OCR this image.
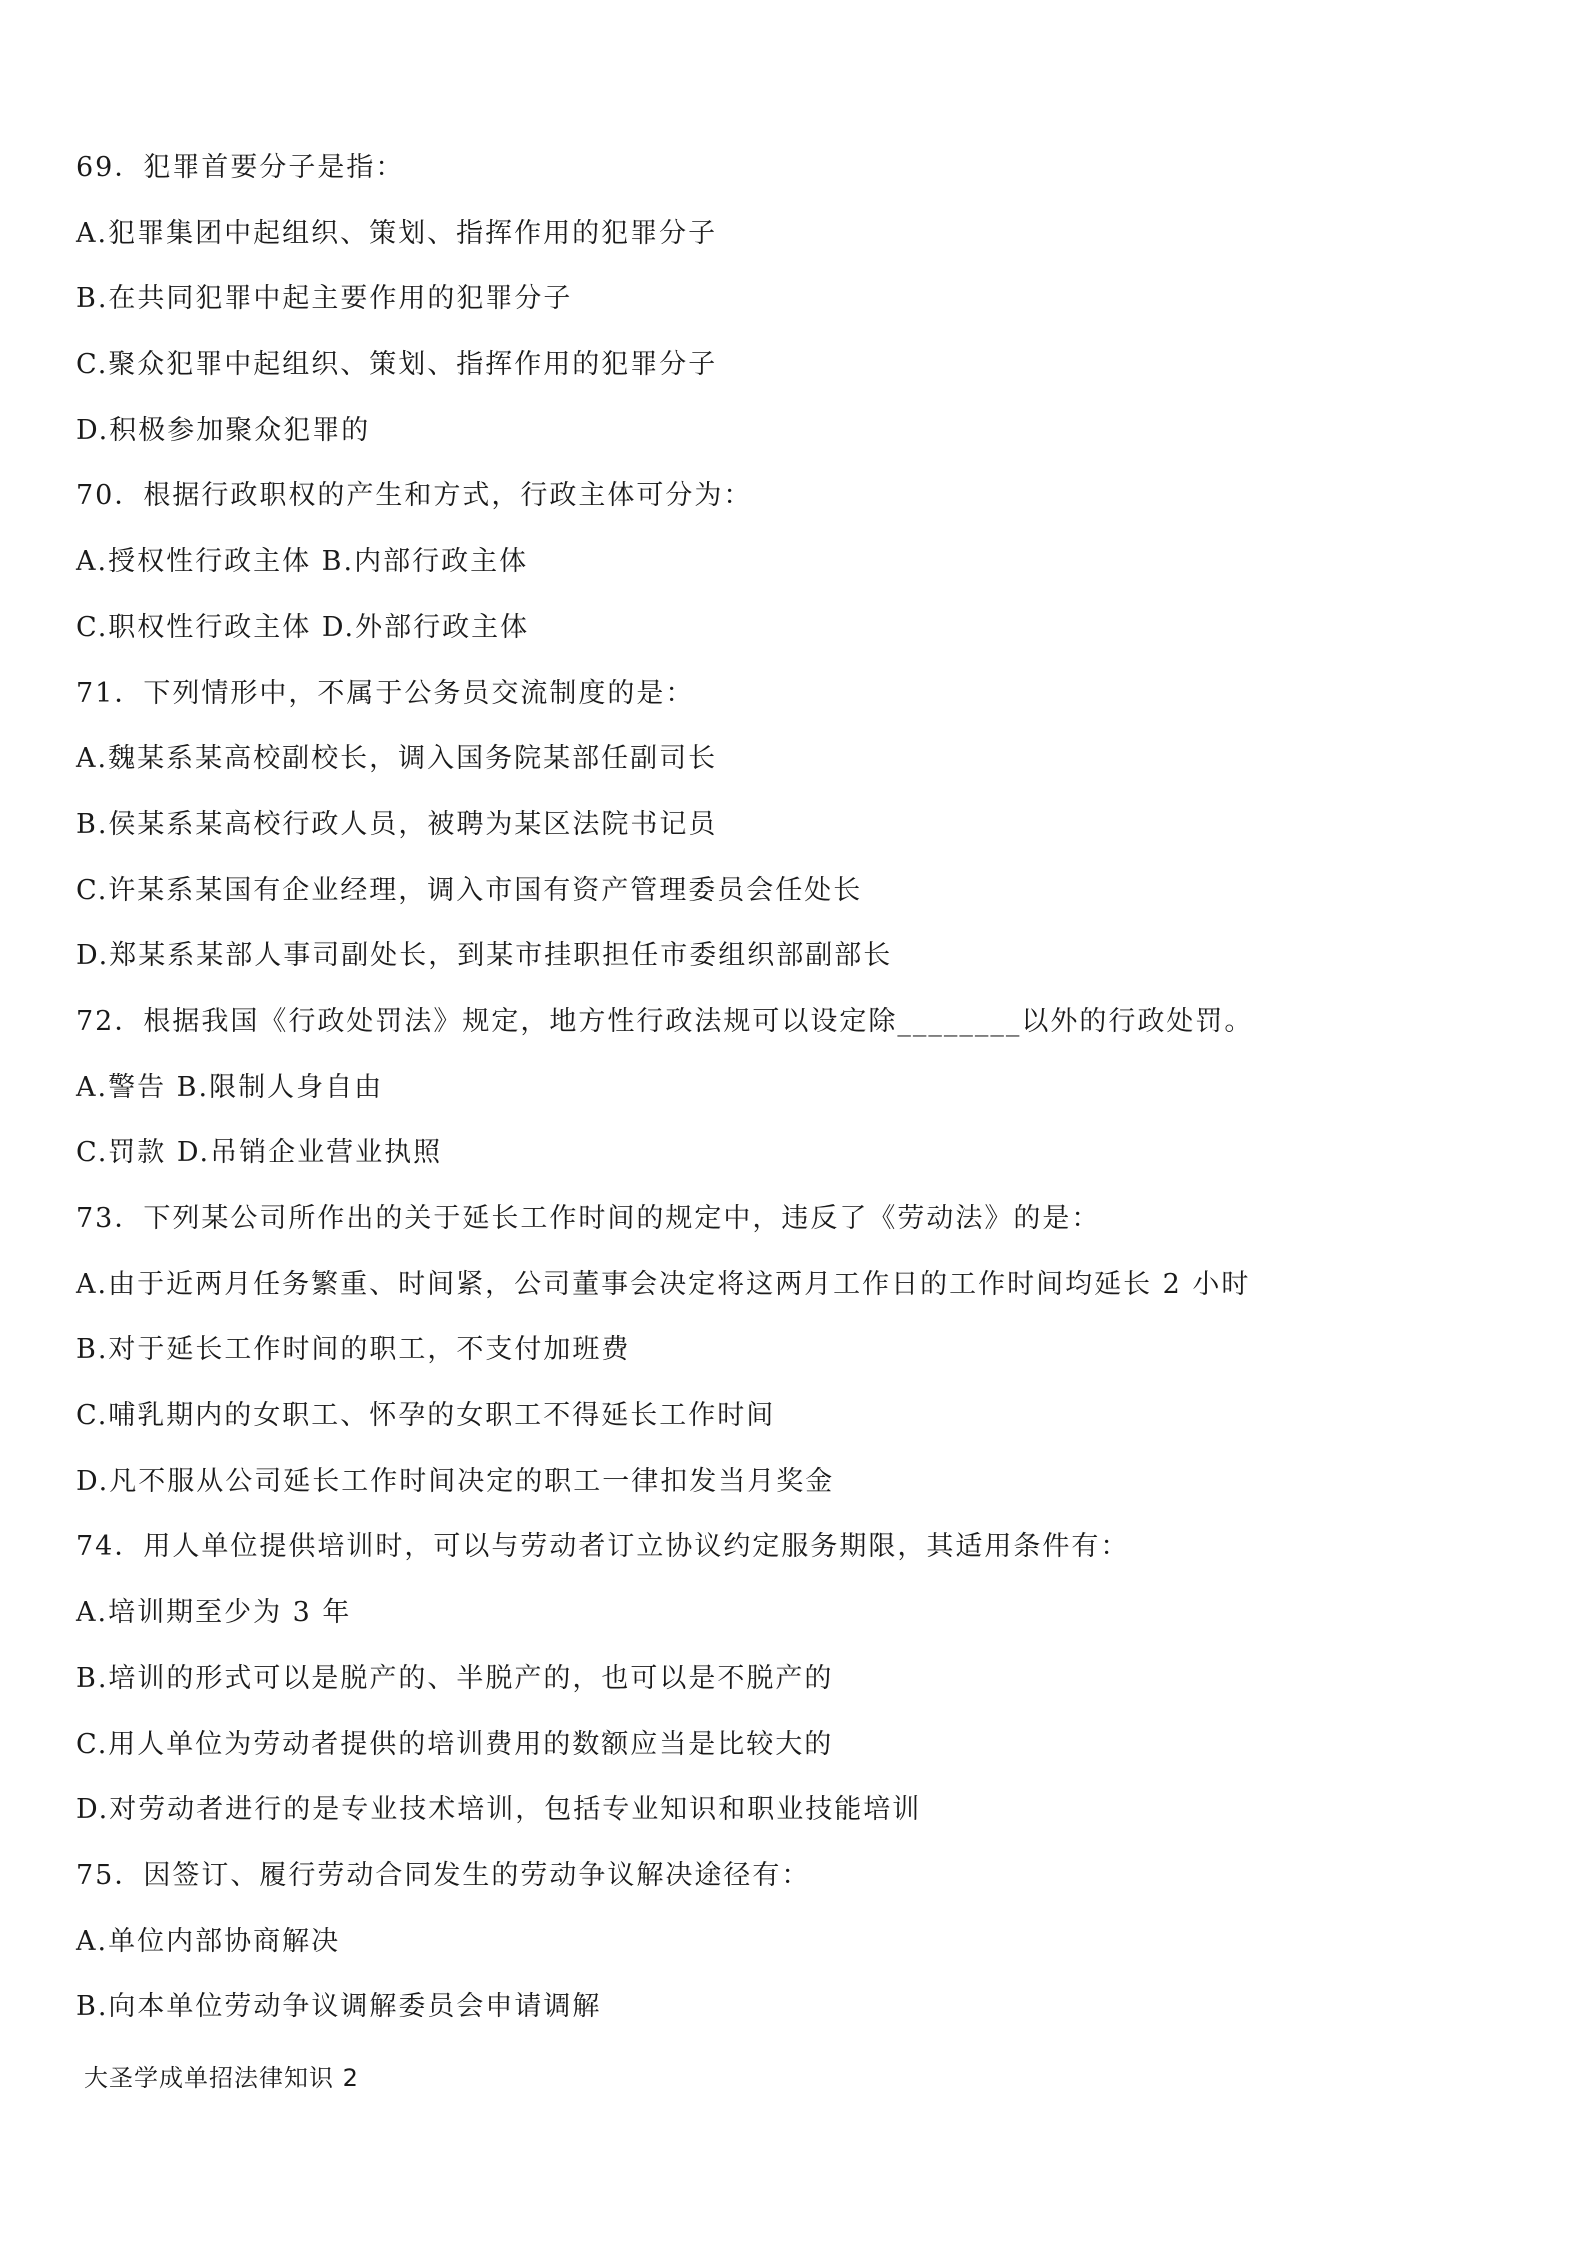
69．犯罪首要分子是指：
A.犯罪集团中起组织、策划、指挥作用的犯罪分子
B.在共同犯罪中起主要作用的犯罪分子
C.聚众犯罪中起组织、策划、指挥作用的犯罪分子
D.积极参加聚众犯罪的
70．根据行政职权的产生和方式，行政主体可分为：
A.授权性行政主体 B.内部行政主体
C.职权性行政主体 D.外部行政主体
71．下列情形中，不属于公务员交流制度的是：
A.魏某系某高校副校长，调入国务院某部任副司长
B.侯某系某高校行政人员，被聘为某区法院书记员
C.许某系某国有企业经理，调入市国有资产管理委员会任处长
D.郑某系某部人事司副处长，到某市挂职担任市委组织部副部长
72．根据我国《行政处罚法》规定，地方性行政法规可以设定除________以外的行政处罚。
A.警告 B.限制人身自由
C.罚款 D.吊销企业营业执照
73．下列某公司所作出的关于延长工作时间的规定中，违反了《劳动法》的是：
A.由于近两月任务繁重、时间紧，公司董事会决定将这两月工作日的工作时间均延长 2 小时
B.对于延长工作时间的职工，不支付加班费
C.哺乳期内的女职工、怀孕的女职工不得延长工作时间
D.凡不服从公司延长工作时间决定的职工一律扣发当月奖金
74．用人单位提供培训时，可以与劳动者订立协议约定服务期限，其适用条件有：
A.培训期至少为 3 年
B.培训的形式可以是脱产的、半脱产的，也可以是不脱产的
C.用人单位为劳动者提供的培训费用的数额应当是比较大的
D.对劳动者进行的是专业技术培训，包括专业知识和职业技能培训
75．因签订、履行劳动合同发生的劳动争议解决途径有：
A.单位内部协商解决
B.向本单位劳动争议调解委员会申请调解
大圣学成单招法律知识 2
